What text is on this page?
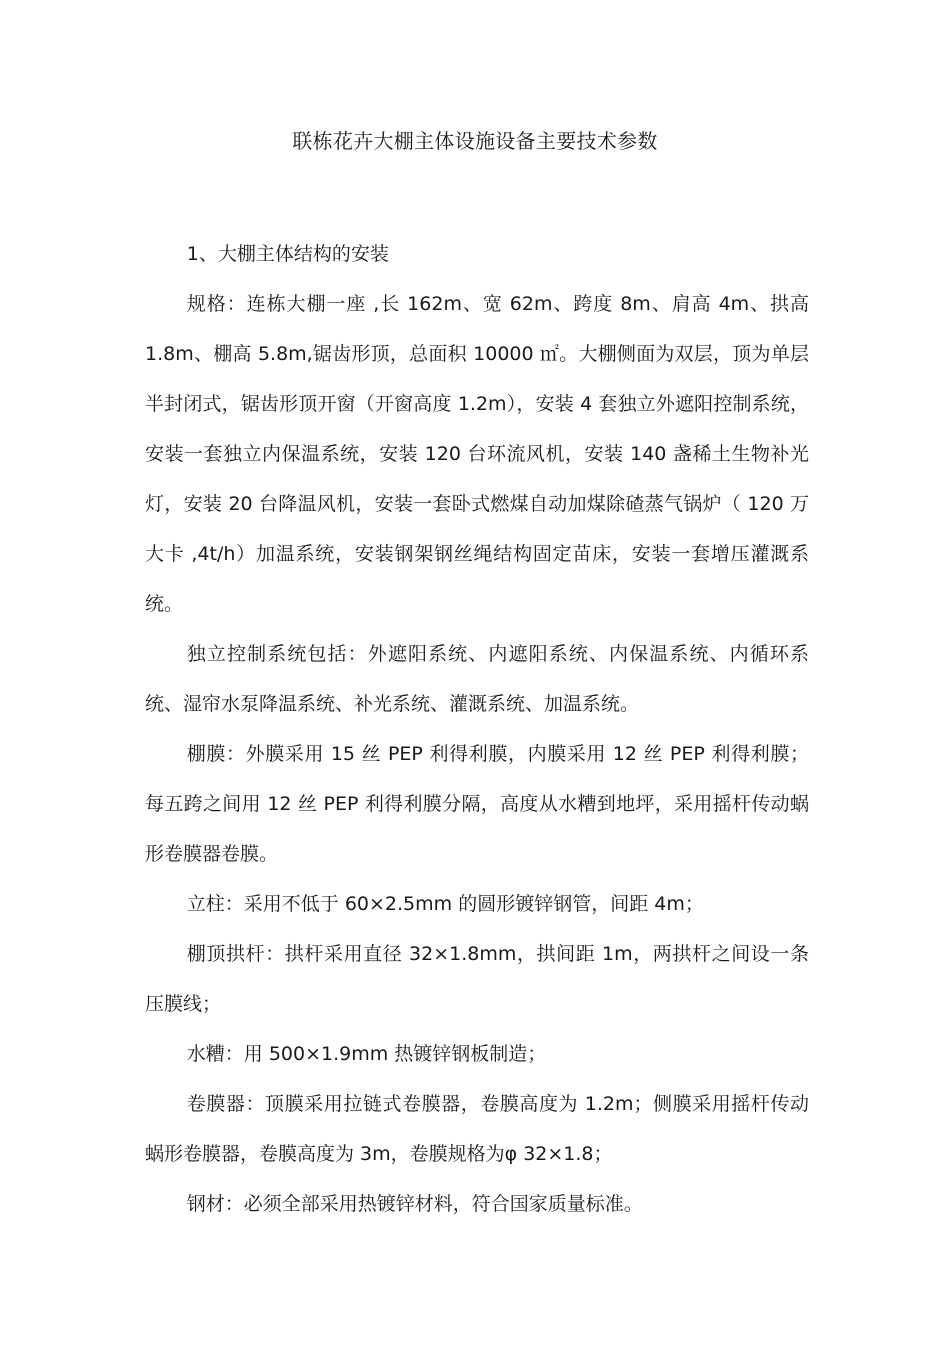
联栋花卉大棚主体设施设备主要技术参数

1、大棚主体结构的安装

规格：连栋大棚一座 ,长 162m、宽 62m、跨度 8m、肩高 4m、拱高 1.8m、棚高 5.8m,锯齿形顶，总面积 10000 ㎡。大棚侧面为双层，顶为单层半封闭式，锯齿形顶开窗（开窗高度 1.2m），安装 4 套独立外遮阳控制系统，安装一套独立内保温系统，安装 120 台环流风机，安装 140 盏稀土生物补光灯，安装 20 台降温风机，安装一套卧式燃煤自动加煤除碴蒸气锅炉（ 120 万大卡 ,4t/h）加温系统，安装钢架钢丝绳结构固定苗床，安装一套增压灌溉系统。

独立控制系统包括：外遮阳系统、内遮阳系统、内保温系统、内循环系统、湿帘水泵降温系统、补光系统、灌溉系统、加温系统。

棚膜：外膜采用 15 丝 PEP 利得利膜，内膜采用 12 丝 PEP 利得利膜；每五跨之间用 12 丝 PEP 利得利膜分隔，高度从水糟到地坪，采用摇杆传动蜗形卷膜器卷膜。

立柱：采用不低于 60×2.5mm 的圆形镀锌钢管，间距 4m；

棚顶拱杆：拱杆采用直径 32×1.8mm，拱间距 1m，两拱杆之间设一条压膜线；

水糟：用 500×1.9mm 热镀锌钢板制造；

卷膜器：顶膜采用拉链式卷膜器，卷膜高度为 1.2m；侧膜采用摇杆传动蜗形卷膜器，卷膜高度为 3m，卷膜规格为φ 32×1.8；

钢材：必须全部采用热镀锌材料，符合国家质量标准。
